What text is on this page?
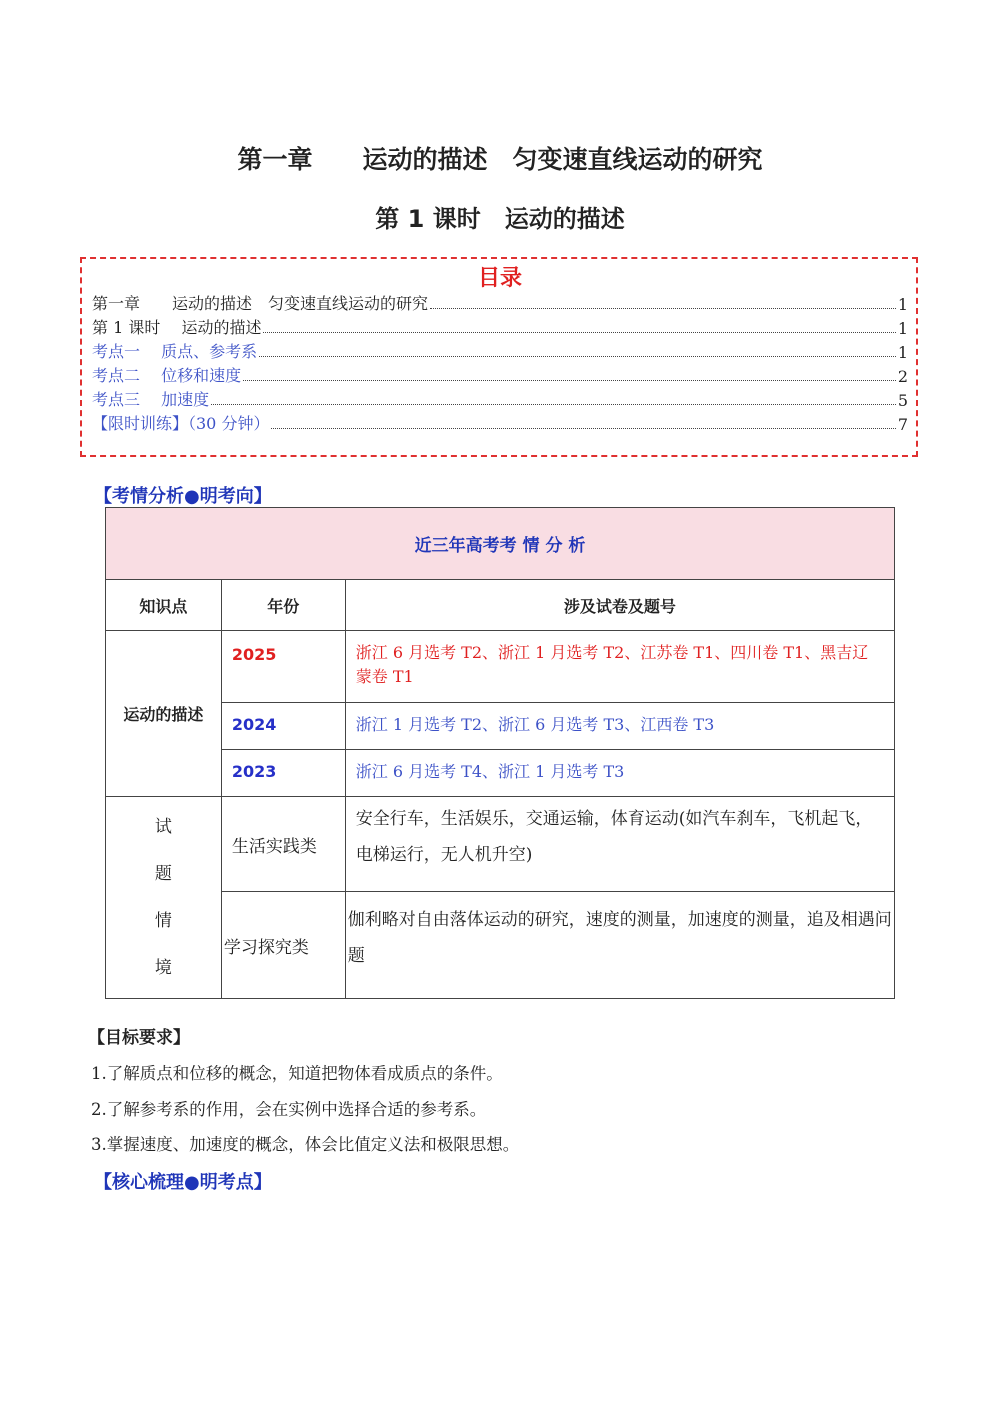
第一章　　 运动的描述　匀变速直线运动的研究
第 1 课时　运动的描述
目录
第一章　　运动的描述　匀变速直线运动的研究	1
第 1 课时　 运动的描述	1
考点一　 质点、参考系	1
考点二　 位移和速度	2
考点三　 加速度	5
【限时训练】（30 分钟）	7
【考情分析●明考向】
近三年高考考 情 分 析		
知识点	年份	涉及试卷及题号
运动的描述	2025	浙江 6 月选考 T2、浙江 1 月选考 T2、江苏卷 T1、四川卷 T1、黑吉辽蒙卷 T1
	2024	浙江 1 月选考 T2、浙江 6 月选考 T3、江西卷 T3
	2023	浙江 6 月选考 T4、浙江 1 月选考 T3

试
题
情
境	生活实践类	安全行车，生活娱乐，交通运输，体育运动(如汽车刹车，飞机起飞，电梯运行，无人机升空)
	学习探究类	伽利略对自由落体运动的研究，速度的测量，加速度的测量，追及相遇问题
【目标要求】
1.了解质点和位移的概念，知道把物体看成质点的条件。
2.了解参考系的作用，会在实例中选择合适的参考系。
3.掌握速度、加速度的概念，体会比值定义法和极限思想。
【核心梳理●明考点】
